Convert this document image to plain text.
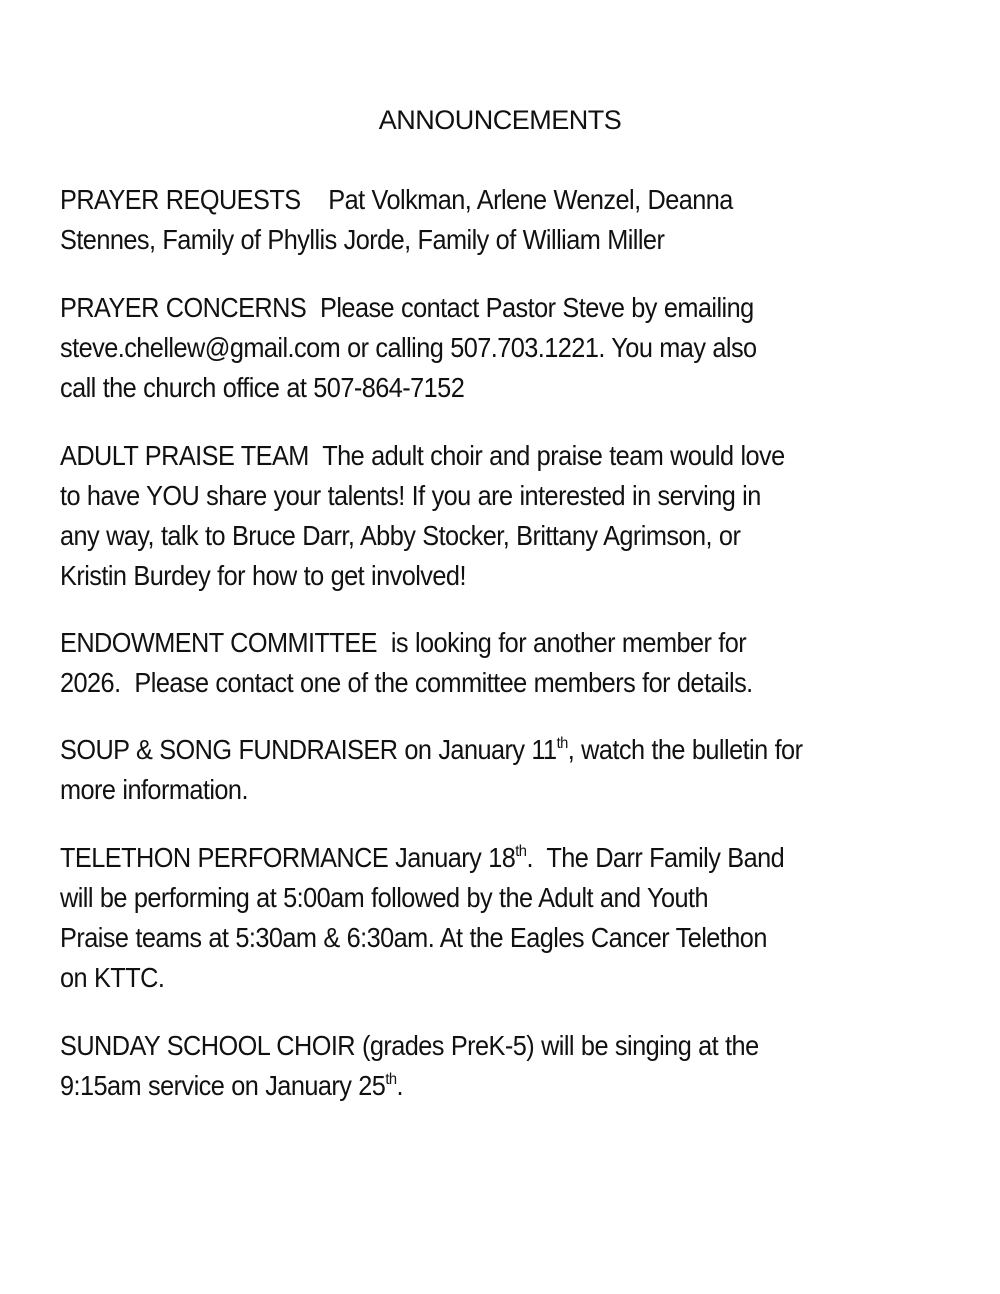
ANNOUNCEMENTS
PRAYER REQUESTS    Pat Volkman, Arlene Wenzel, Deanna
Stennes, Family of Phyllis Jorde, Family of William Miller
PRAYER CONCERNS  Please contact Pastor Steve by emailing
steve.chellew@gmail.com or calling 507.703.1221. You may also
call the church office at 507-864-7152
ADULT PRAISE TEAM  The adult choir and praise team would love
to have YOU share your talents! If you are interested in serving in
any way, talk to Bruce Darr, Abby Stocker, Brittany Agrimson, or
Kristin Burdey for how to get involved!
ENDOWMENT COMMITTEE  is looking for another member for
2026.  Please contact one of the committee members for details.
SOUP & SONG FUNDRAISER on January 11th, watch the bulletin for
more information.
TELETHON PERFORMANCE January 18th.  The Darr Family Band
will be performing at 5:00am followed by the Adult and Youth
Praise teams at 5:30am & 6:30am. At the Eagles Cancer Telethon
on KTTC.
SUNDAY SCHOOL CHOIR (grades PreK-5) will be singing at the
9:15am service on January 25th.
